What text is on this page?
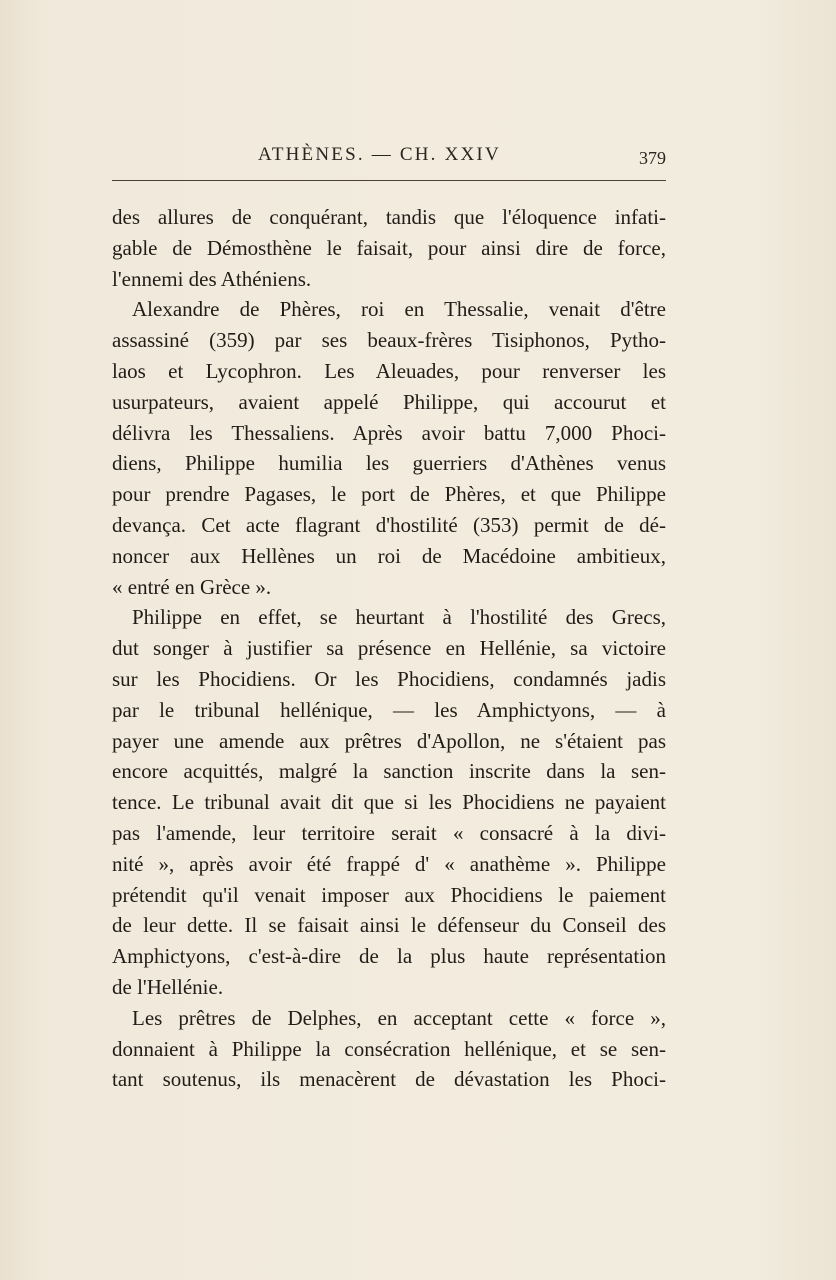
ATHÈNES. — CH. XXIV	379

des allures de conquérant, tandis que l'éloquence infati-
gable de Démosthène le faisait, pour ainsi dire de force,
l'ennemi des Athéniens.

Alexandre de Phères, roi en Thessalie, venait d'être
assassiné (359) par ses beaux-frères Tisiphonos, Pytho-
laos et Lycophron. Les Aleuades, pour renverser les
usurpateurs, avaient appelé Philippe, qui accourut et
délivra les Thessaliens. Après avoir battu 7,000 Phoci-
diens, Philippe humilia les guerriers d'Athènes venus
pour prendre Pagases, le port de Phères, et que Philippe
devança. Cet acte flagrant d'hostilité (353) permit de dé-
noncer aux Hellènes un roi de Macédoine ambitieux,
« entré en Grèce ».

Philippe en effet, se heurtant à l'hostilité des Grecs,
dut songer à justifier sa présence en Hellénie, sa victoire
sur les Phocidiens. Or les Phocidiens, condamnés jadis
par le tribunal hellénique, — les Amphictyons, — à
payer une amende aux prêtres d'Apollon, ne s'étaient pas
encore acquittés, malgré la sanction inscrite dans la sen-
tence. Le tribunal avait dit que si les Phocidiens ne payaient
pas l'amende, leur territoire serait « consacré à la divi-
nité », après avoir été frappé d' « anathème ». Philippe
prétendit qu'il venait imposer aux Phocidiens le paiement
de leur dette. Il se faisait ainsi le défenseur du Conseil des
Amphictyons, c'est-à-dire de la plus haute représentation
de l'Hellénie.

Les prêtres de Delphes, en acceptant cette « force »,
donnaient à Philippe la consécration hellénique, et se sen-
tant soutenus, ils menacèrent de dévastation les Phoci-
